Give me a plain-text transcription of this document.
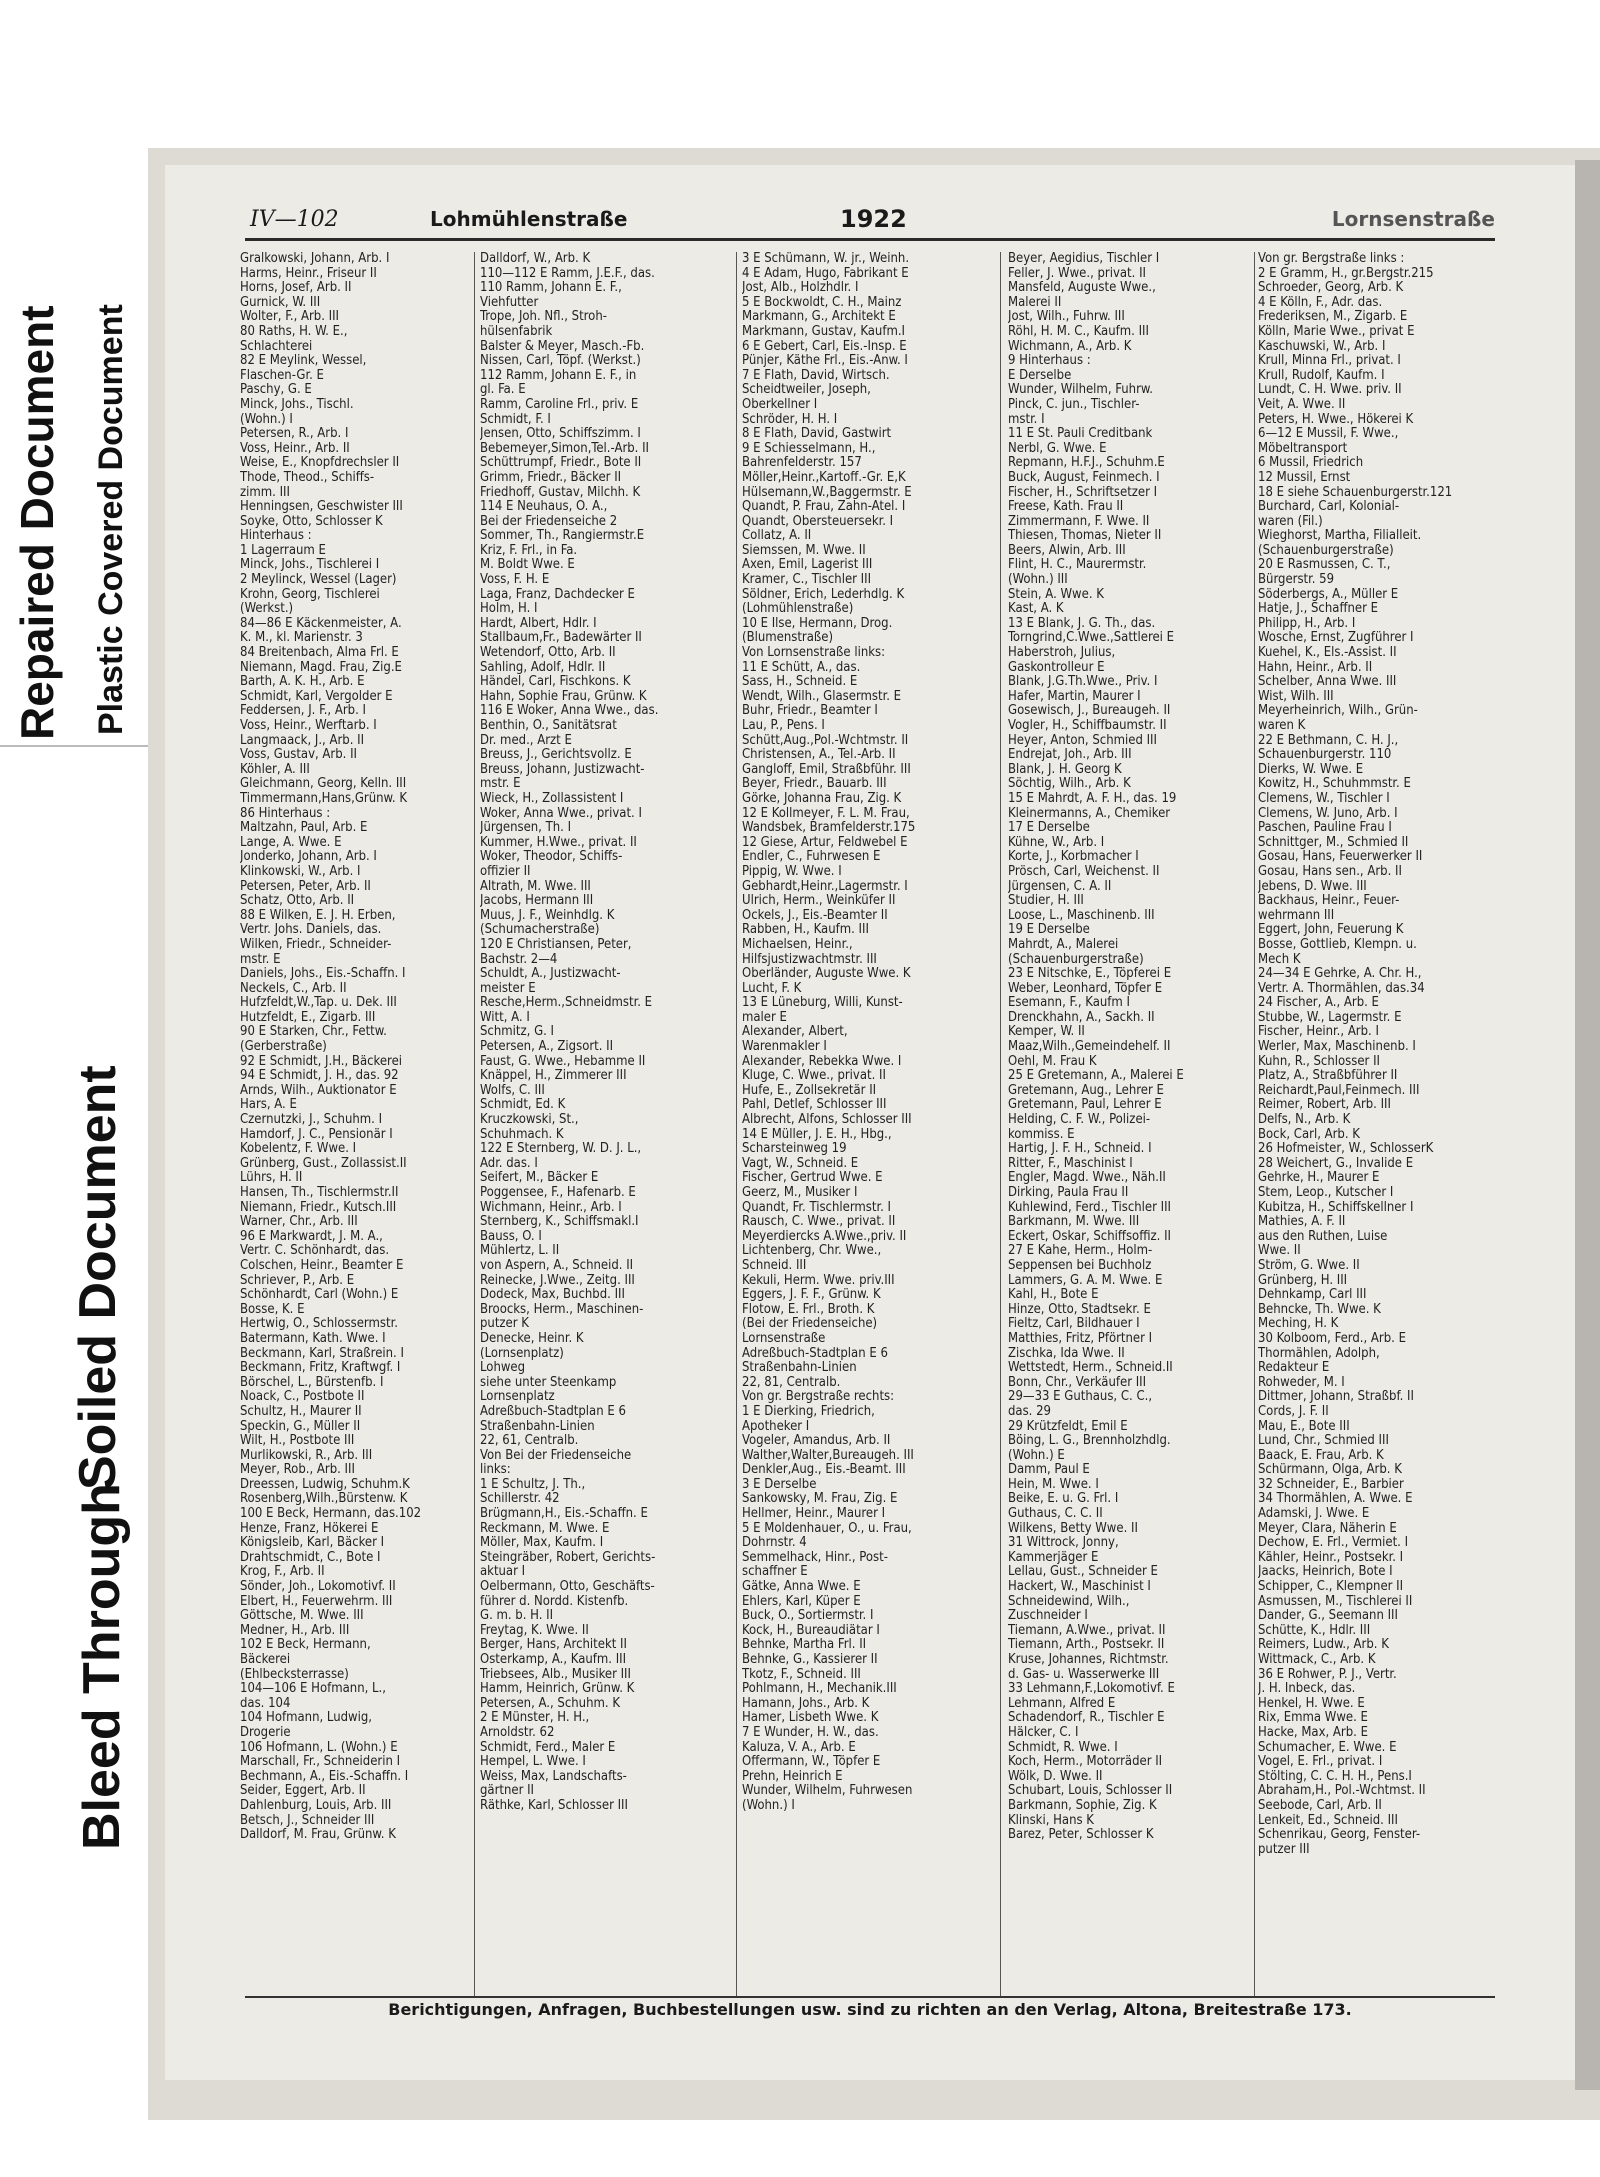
Repaired Document Plastic Covered Document
Soiled Document
Bleed Through
IV—102	Lohmühlenstraße	1922	Lornsenstraße
Gralkowski, Johann, Arb. I
Harms, Heinr., Friseur II
Horns, Josef, Arb. II
Gurnick, W. III
Wolter, F., Arb. III
80 Raths, H. W. E.,
Schlachterei
82 E Meylink, Wessel,
Flaschen-Gr. E
Paschy, G. E
Minck, Johs., Tischl.
(Wohn.) I
Petersen, R., Arb. I
Voss, Heinr., Arb. II
Weise, E., Knopfdrechsler II
Thode, Theod., Schiffs-
zimm. III
Henningsen, Geschwister III
Soyke, Otto, Schlosser K
Hinterhaus :
1 Lagerraum E
Minck, Johs., Tischlerei I
2 Meylinck, Wessel (Lager)
Krohn, Georg, Tischlerei
(Werkst.)
84—86 E Käckenmeister, A.
K. M., kl. Marienstr. 3
84 Breitenbach, Alma Frl. E
Niemann, Magd. Frau, Zig.E
Barth, A. K. H., Arb. E
Schmidt, Karl, Vergolder E
Feddersen, J. F., Arb. I
Voss, Heinr., Werftarb. I
Langmaack, J., Arb. II
Voss, Gustav, Arb. II
Köhler, A. III
Gleichmann, Georg, Kelln. III
Timmermann,Hans,Grünw. K
86 Hinterhaus :
Maltzahn, Paul, Arb. E
Lange, A. Wwe. E
Jonderko, Johann, Arb. I
Klinkowski, W., Arb. I
Petersen, Peter, Arb. II
Schatz, Otto, Arb. II
88 E Wilken, E. J. H. Erben,
Vertr. Johs. Daniels, das.
Wilken, Friedr., Schneider-
mstr. E
Daniels, Johs., Eis.-Schaffn. I
Neckels, C., Arb. II
Hufzfeldt,W.,Tap. u. Dek. III
Hutzfeldt, E., Zigarb. III
90 E Starken, Chr., Fettw.
(Gerberstraße)
92 E Schmidt, J.H., Bäckerei
94 E Schmidt, J. H., das. 92
Arnds, Wilh., Auktionator E
Hars, A. E
Czernutzki, J., Schuhm. I
Hamdorf, J. C., Pensionär I
Kobelentz, F. Wwe. I
Grünberg, Gust., Zollassist.II
Lührs, H. II
Hansen, Th., Tischlermstr.II
Niemann, Friedr., Kutsch.III
Warner, Chr., Arb. III
96 E Markwardt, J. M. A.,
Vertr. C. Schönhardt, das.
Colschen, Heinr., Beamter E
Schriever, P., Arb. E
Schönhardt, Carl (Wohn.) E
Bosse, K. E
Hertwig, O., Schlossermstr.
Batermann, Kath. Wwe. I
Beckmann, Karl, Straßrein. I
Beckmann, Fritz, Kraftwgf. I
Börschel, L., Bürstenfb. I
Noack, C., Postbote II
Schultz, H., Maurer II
Speckin, G., Müller II
Wilt, H., Postbote III
Murlikowski, R., Arb. III
Meyer, Rob., Arb. III
Dreessen, Ludwig, Schuhm.K
Rosenberg,Wilh.,Bürstenw. K
100 E Beck, Hermann, das.102
Henze, Franz, Hökerei E
Königsleib, Karl, Bäcker I
Drahtschmidt, C., Bote I
Krog, F., Arb. II
Sönder, Joh., Lokomotivf. II
Elbert, H., Feuerwehrm. III
Göttsche, M. Wwe. III
Medner, H., Arb. III
102 E Beck, Hermann,
Bäckerei
(Ehlbecksterrasse)
104—106 E Hofmann, L.,
das. 104
104 Hofmann, Ludwig,
Drogerie
106 Hofmann, L. (Wohn.) E
Marschall, Fr., Schneiderin I
Bechmann, A., Eis.-Schaffn. I
Seider, Eggert, Arb. II
Dahlenburg, Louis, Arb. III
Betsch, J., Schneider III
Dalldorf, M. Frau, Grünw. K
Dalldorf, W., Arb. K
110—112 E Ramm, J.E.F., das.
110 Ramm, Johann E. F.,
Viehfutter
Trope, Joh. Nfl., Stroh-
hülsenfabrik
Balster & Meyer, Masch.-Fb.
Nissen, Carl, Töpf. (Werkst.)
112 Ramm, Johann E. F., in
gl. Fa. E
Ramm, Caroline Frl., priv. E
Schmidt, F. I
Jensen, Otto, Schiffszimm. I
Bebemeyer,Simon,Tel.-Arb. II
Schüttrumpf, Friedr., Bote II
Grimm, Friedr., Bäcker II
Friedhoff, Gustav, Milchh. K
114 E Neuhaus, O. A.,
Bei der Friedenseiche 2
Sommer, Th., Rangiermstr.E
Kriz, F. Frl., in Fa.
M. Boldt Wwe. E
Voss, F. H. E
Laga, Franz, Dachdecker E
Holm, H. I
Hardt, Albert, Hdlr. I
Stallbaum,Fr., Badewärter II
Wetendorf, Otto, Arb. II
Sahling, Adolf, Hdlr. II
Händel, Carl, Fischkons. K
Hahn, Sophie Frau, Grünw. K
116 E Woker, Anna Wwe., das.
Benthin, O., Sanitätsrat
Dr. med., Arzt E
Breuss, J., Gerichtsvollz. E
Breuss, Johann, Justizwacht-
mstr. E
Wieck, H., Zollassistent I
Woker, Anna Wwe., privat. I
Jürgensen, Th. I
Kummer, H.Wwe., privat. II
Woker, Theodor, Schiffs-
offizier II
Altrath, M. Wwe. III
Jacobs, Hermann III
Muus, J. F., Weinhdlg. K
(Schumacherstraße)
120 E Christiansen, Peter,
Bachstr. 2—4
Schuldt, A., Justizwacht-
meister E
Resche,Herm.,Schneidmstr. E
Witt, A. I
Schmitz, G. I
Petersen, A., Zigsort. II
Faust, G. Wwe., Hebamme II
Knäppel, H., Zimmerer III
Wolfs, C. III
Schmidt, Ed. K
Kruczkowski, St.,
Schuhmach. K
122 E Sternberg, W. D. J. L.,
Adr. das. I
Seifert, M., Bäcker E
Poggensee, F., Hafenarb. E
Wichmann, Heinr., Arb. I
Sternberg, K., Schiffsmakl.I
Bauss, O. I
Mühlertz, L. II
von Aspern, A., Schneid. II
Reinecke, J.Wwe., Zeitg. III
Dodeck, Max, Buchbd. III
Broocks, Herm., Maschinen-
putzer K
Denecke, Heinr. K
(Lornsenplatz)
Lohweg
siehe unter Steenkamp
Lornsenplatz
Adreßbuch-Stadtplan E 6
Straßenbahn-Linien
22, 61, Centralb.
Von Bei der Friedenseiche
links:
1 E Schultz, J. Th.,
Schillerstr. 42
Brügmann,H., Eis.-Schaffn. E
Reckmann, M. Wwe. E
Möller, Max, Kaufm. I
Steingräber, Robert, Gerichts-
aktuar I
Oelbermann, Otto, Geschäfts-
führer d. Nordd. Kistenfb.
G. m. b. H. II
Freytag, K. Wwe. II
Berger, Hans, Architekt II
Osterkamp, A., Kaufm. III
Triebsees, Alb., Musiker III
Hamm, Heinrich, Grünw. K
Petersen, A., Schuhm. K
2 E Münster, H. H.,
Arnoldstr. 62
Schmidt, Ferd., Maler E
Hempel, L. Wwe. I
Weiss, Max, Landschafts-
gärtner II
Räthke, Karl, Schlosser III
3 E Schümann, W. jr., Weinh.
4 E Adam, Hugo, Fabrikant E
Jost, Alb., Holzhdlr. I
5 E Bockwoldt, C. H., Mainz
Markmann, G., Architekt E
Markmann, Gustav, Kaufm.I
6 E Gebert, Carl, Eis.-Insp. E
Pünjer, Käthe Frl., Eis.-Anw. I
7 E Flath, David, Wirtsch.
Scheidtweiler, Joseph,
Oberkellner I
Schröder, H. H. I
8 E Flath, David, Gastwirt
9 E Schiesselmann, H.,
Bahrenfelderstr. 157
Möller,Heinr.,Kartoff.-Gr. E,K
Hülsemann,W.,Baggermstr. E
Quandt, P. Frau, Zahn-Atel. I
Quandt, Obersteuersekr. I
Collatz, A. II
Siemssen, M. Wwe. II
Axen, Emil, Lagerist III
Kramer, C., Tischler III
Söldner, Erich, Lederhdlg. K
(Lohmühlenstraße)
10 E Ilse, Hermann, Drog.
(Blumenstraße)
Von Lornsenstraße links:
11 E Schütt, A., das.
Sass, H., Schneid. E
Wendt, Wilh., Glasermstr. E
Buhr, Friedr., Beamter I
Lau, P., Pens. I
Schütt,Aug.,Pol.-Wchtmstr. II
Christensen, A., Tel.-Arb. II
Gangloff, Emil, Straßbführ. III
Beyer, Friedr., Bauarb. III
Görke, Johanna Frau, Zig. K
12 E Kollmeyer, F. L. M. Frau,
Wandsbek, Bramfelderstr.175
12 Giese, Artur, Feldwebel E
Endler, C., Fuhrwesen E
Pippig, W. Wwe. I
Gebhardt,Heinr.,Lagermstr. I
Ulrich, Herm., Weinküfer II
Ockels, J., Eis.-Beamter II
Rabben, H., Kaufm. III
Michaelsen, Heinr.,
Hilfsjustizwachtmstr. III
Oberländer, Auguste Wwe. K
Lucht, F. K
13 E Lüneburg, Willi, Kunst-
maler E
Alexander, Albert,
Warenmakler I
Alexander, Rebekka Wwe. I
Kluge, C. Wwe., privat. II
Hufe, E., Zollsekretär II
Pahl, Detlef, Schlosser III
Albrecht, Alfons, Schlosser III
14 E Müller, J. E. H., Hbg.,
Scharsteinweg 19
Vagt, W., Schneid. E
Fischer, Gertrud Wwe. E
Geerz, M., Musiker I
Quandt, Fr. Tischlermstr. I
Rausch, C. Wwe., privat. II
Meyerdiercks A.Wwe.,priv. II
Lichtenberg, Chr. Wwe.,
Schneid. III
Kekuli, Herm. Wwe. priv.III
Eggers, J. F. F., Grünw. K
Flotow, E. Frl., Broth. K
(Bei der Friedenseiche)
Lornsenstraße
Adreßbuch-Stadtplan E 6
Straßenbahn-Linien
22, 81, Centralb.
Von gr. Bergstraße rechts:
1 E Dierking, Friedrich,
Apotheker I
Vogeler, Amandus, Arb. II
Walther,Walter,Bureaugeh. III
Denkler,Aug., Eis.-Beamt. III
3 E Derselbe
Sankowsky, M. Frau, Zig. E
Hellmer, Heinr., Maurer I
5 E Moldenhauer, O., u. Frau,
Dohrnstr. 4
Semmelhack, Hinr., Post-
schaffner E
Gätke, Anna Wwe. E
Ehlers, Karl, Küper E
Buck, O., Sortiermstr. I
Kock, H., Bureaudiätar I
Behnke, Martha Frl. II
Behnke, G., Kassierer II
Tkotz, F., Schneid. III
Pohlmann, H., Mechanik.III
Hamann, Johs., Arb. K
Hamer, Lisbeth Wwe. K
7 E Wunder, H. W., das.
Kaluza, V. A., Arb. E
Offermann, W., Töpfer E
Prehn, Heinrich E
Wunder, Wilhelm, Fuhrwesen
(Wohn.) I
Beyer, Aegidius, Tischler I
Feller, J. Wwe., privat. II
Mansfeld, Auguste Wwe.,
Malerei II
Jost, Wilh., Fuhrw. III
Röhl, H. M. C., Kaufm. III
Wichmann, A., Arb. K
9 Hinterhaus :
E Derselbe
Wunder, Wilhelm, Fuhrw.
Pinck, C. jun., Tischler-
mstr. I
11 E St. Pauli Creditbank
Nerbl, G. Wwe. E
Repmann, H.F.J., Schuhm.E
Buck, August, Feinmech. I
Fischer, H., Schriftsetzer I
Freese, Kath. Frau II
Zimmermann, F. Wwe. II
Thiesen, Thomas, Nieter II
Beers, Alwin, Arb. III
Flint, H. C., Maurermstr.
(Wohn.) III
Stein, A. Wwe. K
Kast, A. K
13 E Blank, J. G. Th., das.
Torngrind,C.Wwe.,Sattlerei E
Haberstroh, Julius,
Gaskontrolleur E
Blank, J.G.Th.Wwe., Priv. I
Hafer, Martin, Maurer I
Gosewisch, J., Bureaugeh. II
Vogler, H., Schiffbaumstr. II
Heyer, Anton, Schmied III
Endrejat, Joh., Arb. III
Blank, J. H. Georg K
Söchtig, Wilh., Arb. K
15 E Mahrdt, A. F. H., das. 19
Kleinermanns, A., Chemiker
17 E Derselbe
Kühne, W., Arb. I
Korte, J., Korbmacher I
Prösch, Carl, Weichenst. II
Jürgensen, C. A. II
Studier, H. III
Loose, L., Maschinenb. III
19 E Derselbe
Mahrdt, A., Malerei
(Schauenburgerstraße)
23 E Nitschke, E., Töpferei E
Weber, Leonhard, Töpfer E
Esemann, F., Kaufm I
Drenckhahn, A., Sackh. II
Kemper, W. II
Maaz,Wilh.,Gemeindehelf. II
Oehl, M. Frau K
25 E Gretemann, A., Malerei E
Gretemann, Aug., Lehrer E
Gretemann, Paul, Lehrer E
Helding, C. F. W., Polizei-
kommiss. E
Hartig, J. F. H., Schneid. I
Ritter, F., Maschinist I
Engler, Magd. Wwe., Näh.II
Dirking, Paula Frau II
Kuhlewind, Ferd., Tischler III
Barkmann, M. Wwe. III
Eckert, Oskar, Schiffsoffiz. II
27 E Kahe, Herm., Holm-
Seppensen bei Buchholz
Lammers, G. A. M. Wwe. E
Kahl, H., Bote E
Hinze, Otto, Stadtsekr. E
Fieltz, Carl, Bildhauer I
Matthies, Fritz, Pförtner I
Zischka, Ida Wwe. II
Wettstedt, Herm., Schneid.II
Bonn, Chr., Verkäufer III
29—33 E Guthaus, C. C.,
das. 29
29 Krützfeldt, Emil E
Böing, L. G., Brennholzhdlg.
(Wohn.) E
Damm, Paul E
Hein, M. Wwe. I
Beike, E. u. G. Frl. I
Guthaus, C. C. II
Wilkens, Betty Wwe. II
31 Wittrock, Jonny,
Kammerjäger E
Lellau, Gust., Schneider E
Hackert, W., Maschinist I
Schneidewind, Wilh.,
Zuschneider I
Tiemann, A.Wwe., privat. II
Tiemann, Arth., Postsekr. II
Kruse, Johannes, Richtmstr.
d. Gas- u. Wasserwerke III
33 Lehmann,F.,Lokomotivf. E
Lehmann, Alfred E
Schadendorf, R., Tischler E
Hälcker, C. I
Schmidt, R. Wwe. I
Koch, Herm., Motorräder II
Wölk, D. Wwe. II
Schubart, Louis, Schlosser II
Barkmann, Sophie, Zig. K
Klinski, Hans K
Barez, Peter, Schlosser K
Von gr. Bergstraße links :
2 E Gramm, H., gr.Bergstr.215
Schroeder, Georg, Arb. K
4 E Kölln, F., Adr. das.
Frederiksen, M., Zigarb. E
Kölln, Marie Wwe., privat E
Kaschuwski, W., Arb. I
Krull, Minna Frl., privat. I
Krull, Rudolf, Kaufm. I
Lundt, C. H. Wwe. priv. II
Veit, A. Wwe. II
Peters, H. Wwe., Hökerei K
6—12 E Mussil, F. Wwe.,
Möbeltransport
6 Mussil, Friedrich
12 Mussil, Ernst
18 E siehe Schauenburgerstr.121
Burchard, Carl, Kolonial-
waren (Fil.)
Wieghorst, Martha, Filialleit.
(Schauenburgerstraße)
20 E Rasmussen, C. T.,
Bürgerstr. 59
Söderbergs, A., Müller E
Hatje, J., Schaffner E
Philipp, H., Arb. I
Wosche, Ernst, Zugführer I
Kuehel, K., Els.-Assist. II
Hahn, Heinr., Arb. II
Schelber, Anna Wwe. III
Wist, Wilh. III
Meyerheinrich, Wilh., Grün-
waren K
22 E Bethmann, C. H. J.,
Schauenburgerstr. 110
Dierks, W. Wwe. E
Kowitz, H., Schuhmmstr. E
Clemens, W., Tischler I
Clemens, W. Juno, Arb. I
Paschen, Pauline Frau I
Schnittger, M., Schmied II
Gosau, Hans, Feuerwerker II
Gosau, Hans sen., Arb. II
Jebens, D. Wwe. III
Backhaus, Heinr., Feuer-
wehrmann III
Eggert, John, Feuerung K
Bosse, Gottlieb, Klempn. u.
Mech K
24—34 E Gehrke, A. Chr. H.,
Vertr. A. Thormählen, das.34
24 Fischer, A., Arb. E
Stubbe, W., Lagermstr. E
Fischer, Heinr., Arb. I
Werler, Max, Maschinenb. I
Kuhn, R., Schlosser II
Platz, A., Straßbführer II
Reichardt,Paul,Feinmech. III
Reimer, Robert, Arb. III
Delfs, N., Arb. K
Bock, Carl, Arb. K
26 Hofmeister, W., SchlosserK
28 Weichert, G., Invalide E
Gehrke, H., Maurer E
Stem, Leop., Kutscher I
Kubitza, H., Schiffskellner I
Mathies, A. F. II
aus den Ruthen, Luise
Wwe. II
Ström, G. Wwe. II
Grünberg, H. III
Dehnkamp, Carl III
Behncke, Th. Wwe. K
Meching, H. K
30 Kolboom, Ferd., Arb. E
Thormählen, Adolph,
Redakteur E
Rohweder, M. I
Dittmer, Johann, Straßbf. II
Cords, J. F. II
Mau, E., Bote III
Lund, Chr., Schmied III
Baack, E. Frau, Arb. K
Schürmann, Olga, Arb. K
32 Schneider, E., Barbier
34 Thormählen, A. Wwe. E
Adamski, J. Wwe. E
Meyer, Clara, Näherin E
Dechow, E. Frl., Vermiet. I
Kähler, Heinr., Postsekr. I
Jaacks, Heinrich, Bote I
Schipper, C., Klempner II
Asmussen, M., Tischlerei II
Dander, G., Seemann III
Schütte, K., Hdlr. III
Reimers, Ludw., Arb. K
Wittmack, C., Arb. K
36 E Rohwer, P. J., Vertr.
J. H. Inbeck, das.
Henkel, H. Wwe. E
Rix, Emma Wwe. E
Hacke, Max, Arb. E
Schumacher, E. Wwe. E
Vogel, E. Frl., privat. I
Stölting, C. C. H. H., Pens.I
Abraham,H., Pol.-Wchtmst. II
Seebode, Carl, Arb. II
Lenkeit, Ed., Schneid. III
Schenrikau, Georg, Fenster-
putzer III
Berichtigungen, Anfragen, Buchbestellungen usw. sind zu richten an den Verlag, Altona, Breitestraße 173.
